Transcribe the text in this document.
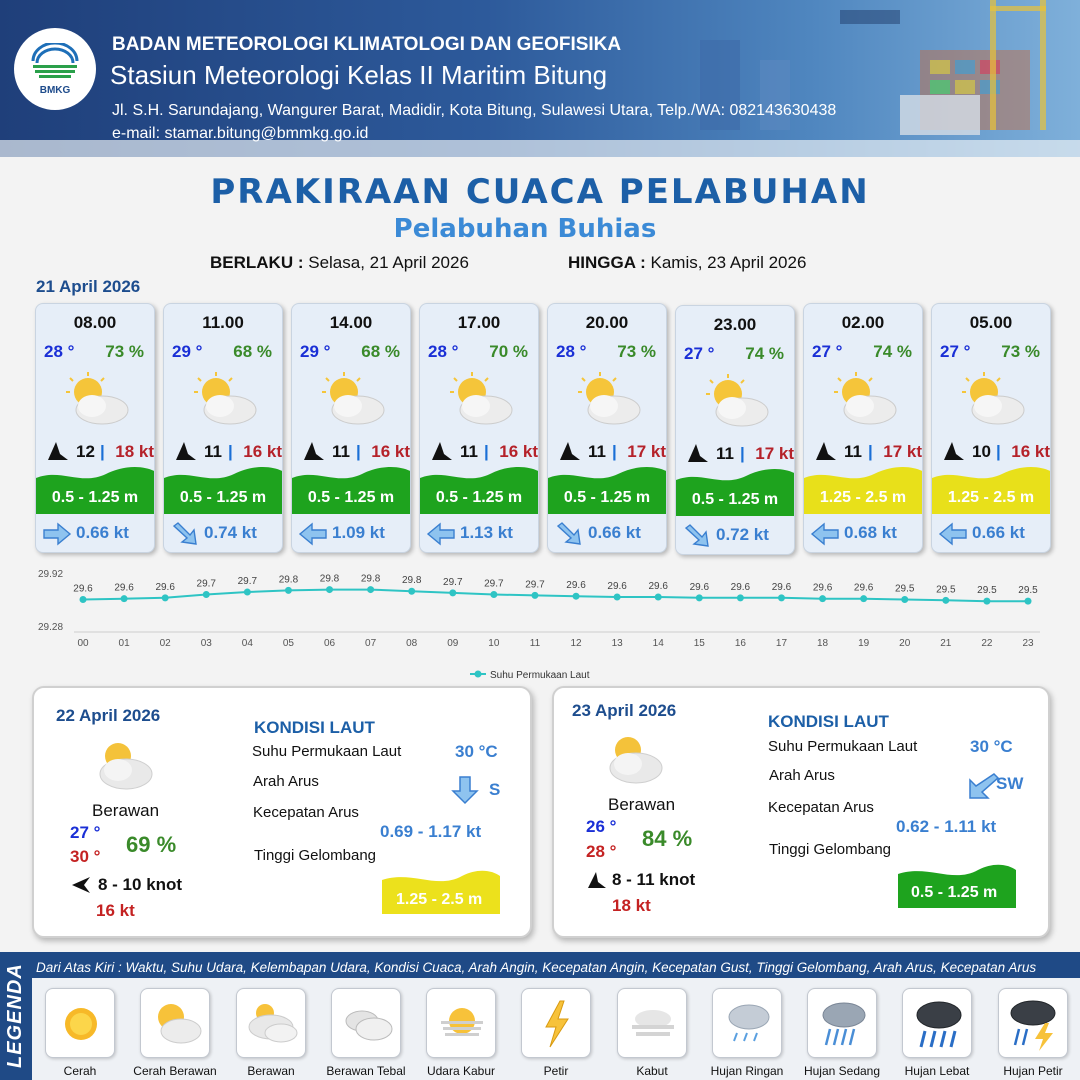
BMKG
BADAN METEOROLOGI KLIMATOLOGI DAN GEOFISIKA
Stasiun Meteorologi Kelas II Maritim Bitung
Jl. S.H. Sarundajang, Wangurer Barat, Madidir, Kota Bitung, Sulawesi Utara, Telp./WA: 082143630438
e-mail: stamar.bitung@bmmkg.go.id
PRAKIRAAN CUACA PELABUHAN
Pelabuhan Buhias
BERLAKU : Selasa, 21 April 2026	HINGGA : Kamis, 23 April 2026
21 April 2026
08.00
28 ° 73 %
12 | 18 kt
0.5 - 1.25 m
0.66 kt
11.00
29 ° 68 %
11 | 16 kt
0.5 - 1.25 m
0.74 kt
14.00
29 ° 68 %
11 | 16 kt
0.5 - 1.25 m
1.09 kt
17.00
28 ° 70 %
11 | 16 kt
0.5 - 1.25 m
1.13 kt
20.00
28 ° 73 %
11 | 17 kt
0.5 - 1.25 m
0.66 kt
23.00
27 ° 74 %
11 | 17 kt
0.5 - 1.25 m
0.72 kt
02.00
27 ° 74 %
11 | 17 kt
1.25 - 2.5 m
0.68 kt
05.00
27 ° 73 %
10 | 16 kt
1.25 - 2.5 m
0.66 kt
29.92
29.28
29.6
00
29.6
01
29.6
02
29.7
03
29.7
04
29.8
05
29.8
06
29.8
07
29.8
08
29.7
09
29.7
10
29.7
11
29.6
12
29.6
13
29.6
14
29.6
15
29.6
16
29.6
17
29.6
18
29.6
19
29.5
20
29.5
21
29.5
22
29.5
23
Suhu Permukaan Laut
22 April 2026
Berawan
27 °
30 ° 69 %
8 - 10 knot
16 kt
KONDISI LAUT
Suhu Permukaan Laut	30 °C
Arah Arus	S
Kecepatan Arus
0.69 - 1.17 kt
Tinggi Gelombang
1.25 - 2.5 m
23 April 2026
Berawan
26 °
28 °
84 %
8 - 11 knot
18 kt
KONDISI LAUT
Suhu Permukaan Laut	30 °C
Arah Arus	SW
Kecepatan Arus
0.62 - 1.11 kt
Tinggi Gelombang
0.5 - 1.25 m
LEGENDA Dari Atas Kiri : Waktu, Suhu Udara, Kelembapan Udara, Kondisi Cuaca, Arah Angin, Kecepatan Angin, Kecepatan Gust, Tinggi Gelombang, Arah Arus, Kecepatan Arus
Cerah	Cerah Berawan	Berawan	Berawan Tebal	Udara Kabur	Petir	Kabut	Hujan Ringan	Hujan Sedang	Hujan Lebat	Hujan Petir
